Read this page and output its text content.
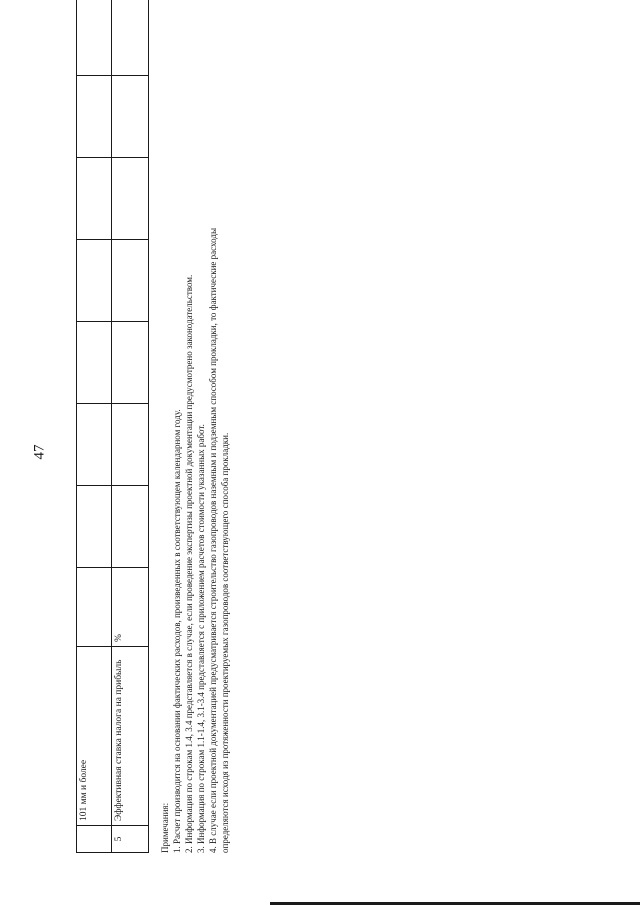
47
	101 мм и более									
5	Эффективная ставка налога на прибыль	%								
Примечания: 1. Расчет производится на основании фактических расходов, произведенных в соответствующем календарном году. 2. Информация по строкам 1.4, 3.4 представляется в случае, если проведение экспертизы проектной документации предусмотрено законодательством. 3. Информация по строкам 1.1-1.4, 3.1-3.4 представляется с приложением расчетов стоимости указанных работ. 4. В случае если проектной документацией предусматривается строительство газопроводов наземным и подземным способом прокладки, то фактические расходы определяются исходя из протяженности проектируемых газопроводов соответствующего способа прокладки.
